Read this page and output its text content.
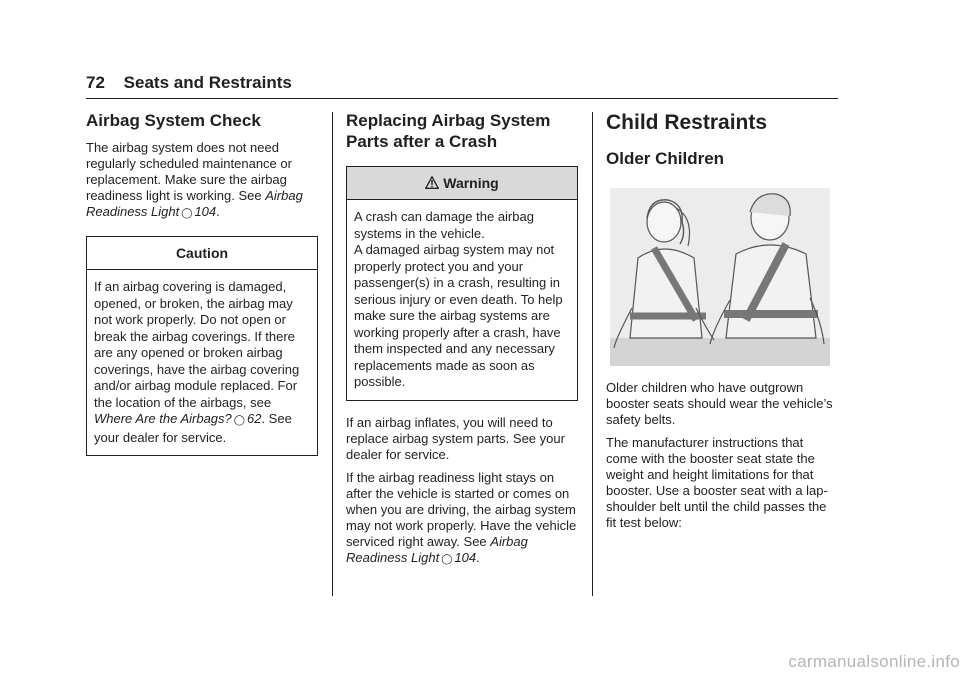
72 Seats and Restraints
Airbag System Check

The airbag system does not need regularly scheduled maintenance or replacement. Make sure the airbag readiness light is working. See Airbag Readiness Light ◯ 104.

Caution

If an airbag covering is damaged, opened, or broken, the airbag may not work properly. Do not open or break the airbag coverings. If there are any opened or broken airbag coverings, have the airbag covering and/or airbag module replaced. For the location of the airbags, see Where Are the Airbags? ◯ 62. See your dealer for service.

Replacing Airbag System Parts after a Crash
Warning

A crash can damage the airbag systems in the vehicle.

A damaged airbag system may not properly protect you and your passenger(s) in a crash, resulting in serious injury or even death. To help make sure the airbag systems are working properly after a crash, have them inspected and any necessary replacements made as soon as possible.

If an airbag inflates, you will need to replace airbag system parts. See your dealer for service.

If the airbag readiness light stays on after the vehicle is started or comes on when you are driving, the airbag system may not work properly. Have the vehicle serviced right away. See Airbag Readiness Light ◯ 104.

Child Restraints
Older Children

Older children who have outgrown booster seats should wear the vehicle’s safety belts.

The manufacturer instructions that come with the booster seat state the weight and height limitations for that booster. Use a booster seat with a lap-shoulder belt until the child passes the fit test below:

carmanualsonline.info
